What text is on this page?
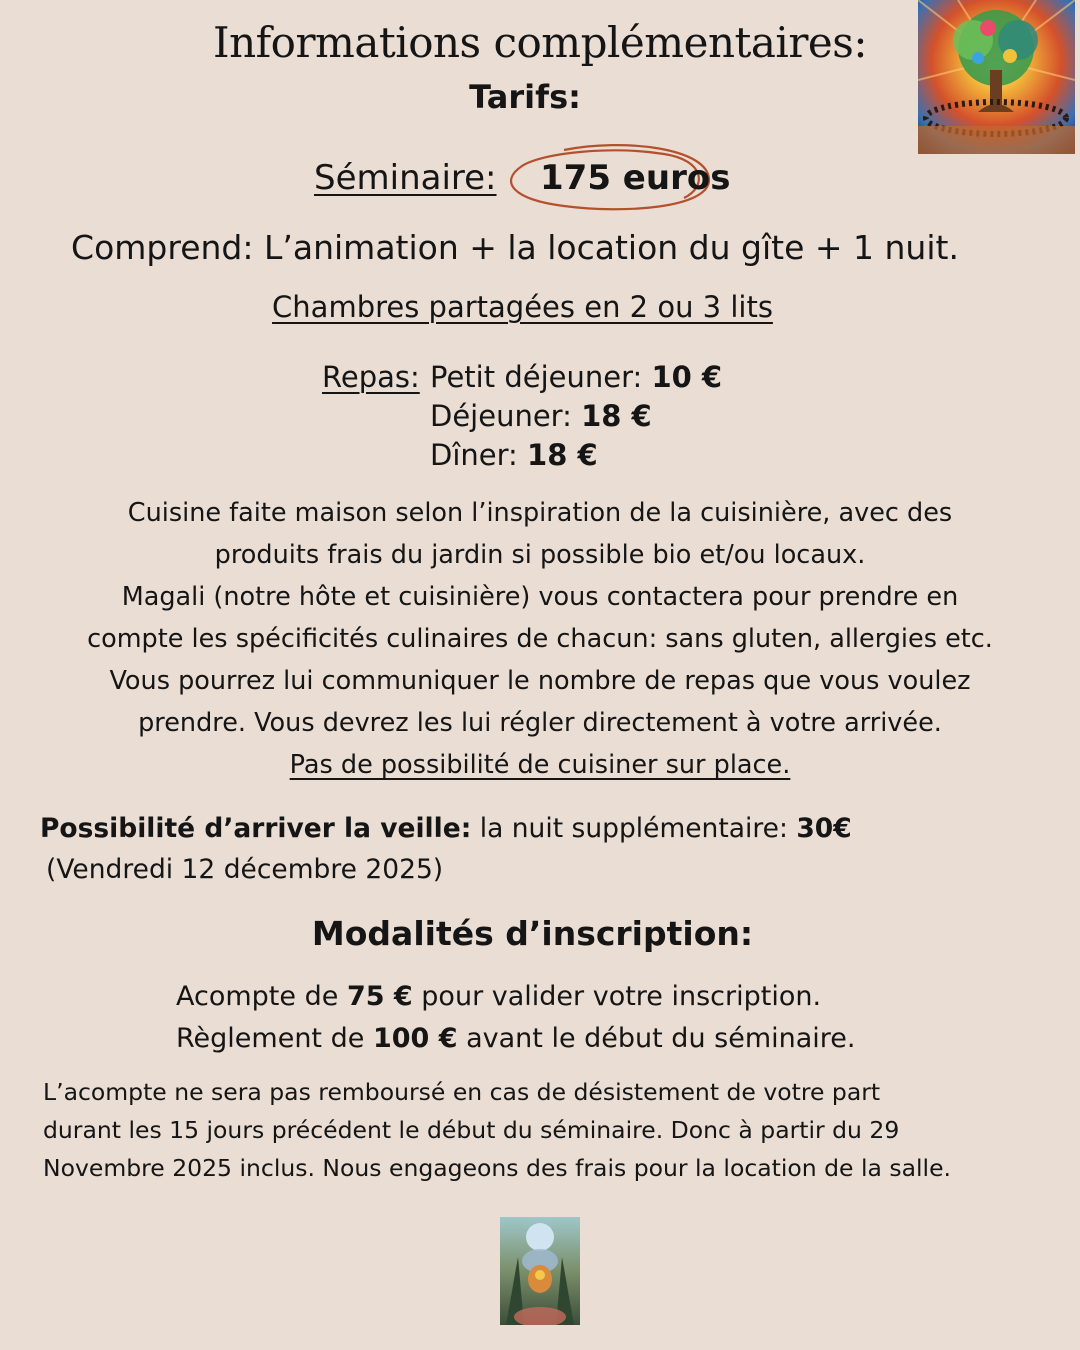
Informations complémentaires:
Tarifs:
Séminaire: 175 euros
Comprend: L’animation + la location du gîte + 1 nuit.
Chambres partagées en 2 ou 3 lits
Repas: Petit déjeuner: 10 €
Déjeuner: 18 €
Dîner: 18 €
Cuisine faite maison selon l’inspiration de la cuisinière, avec des
produits frais du jardin si possible bio et/ou locaux.
Magali (notre hôte et cuisinière) vous contactera pour prendre en
compte les spécificités culinaires de chacun: sans gluten, allergies etc.
Vous pourrez lui communiquer le nombre de repas que vous voulez
prendre. Vous devrez les lui régler directement à votre arrivée.
Pas de possibilité de cuisiner sur place.
Possibilité d’arriver la veille: la nuit supplémentaire: 30€
(Vendredi 12 décembre 2025)
Modalités d’inscription:
Acompte de 75 € pour valider votre inscription.
Règlement de 100 € avant le début du séminaire.
L’acompte ne sera pas remboursé en cas de désistement de votre part
durant les 15 jours précédent le début du séminaire. Donc à partir du 29
Novembre 2025 inclus. Nous engageons des frais pour la location de la salle.
